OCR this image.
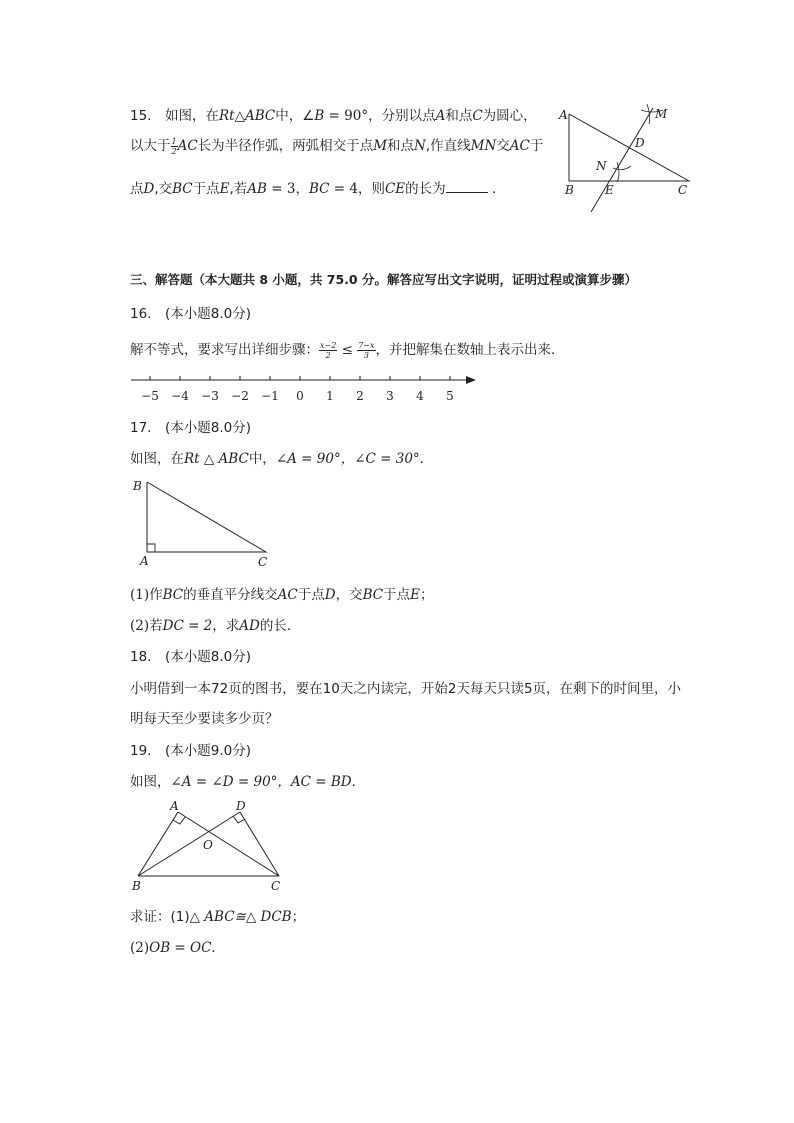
15.　 如图，在Rt△ABC中，∠B = 90°，分别以点A和点C为圆心，
以大于 $\frac{1}{2}$ AC长为半径作弧，两弧相交于点M和点N,作直线MN交AC于
点D,交BC于点E,若AB = 3，BC = 4，则CE的长为	．
A
B	C
D
E
M
N
三、解答题（本大题共 8 小题，共 75.0 分。解答应写出文字说明，证明过程或演算步骤）
16.　(本小题8.0分)
解不等式，要求写出详细步骤： $\frac{x-2}{2} \le \frac{7-x}{3}$ ，并把解集在数轴上表示出来．
−5 −4 −3 −2 −1 0 1 2 3 4 5
17.　(本小题8.0分)
如图，在Rt △ ABC中，∠A = 90°，∠C = 30°．
B
A	C
(1)作BC的垂直平分线交AC于点D，交BC于点E；
(2)若DC = 2，求AD的长．
18.　(本小题8.0分)
小明借到一本72页的图书，要在10天之内读完，开始2天每天只读5页，在剩下的时间里，小
明每天至少要读多少页？
19.　(本小题9.0分)
如图，∠A = ∠D = 90°，AC = BD．
A	D
O
B	C
求证：(1)△ ABC≅△ DCB；
(2)OB = OC．
